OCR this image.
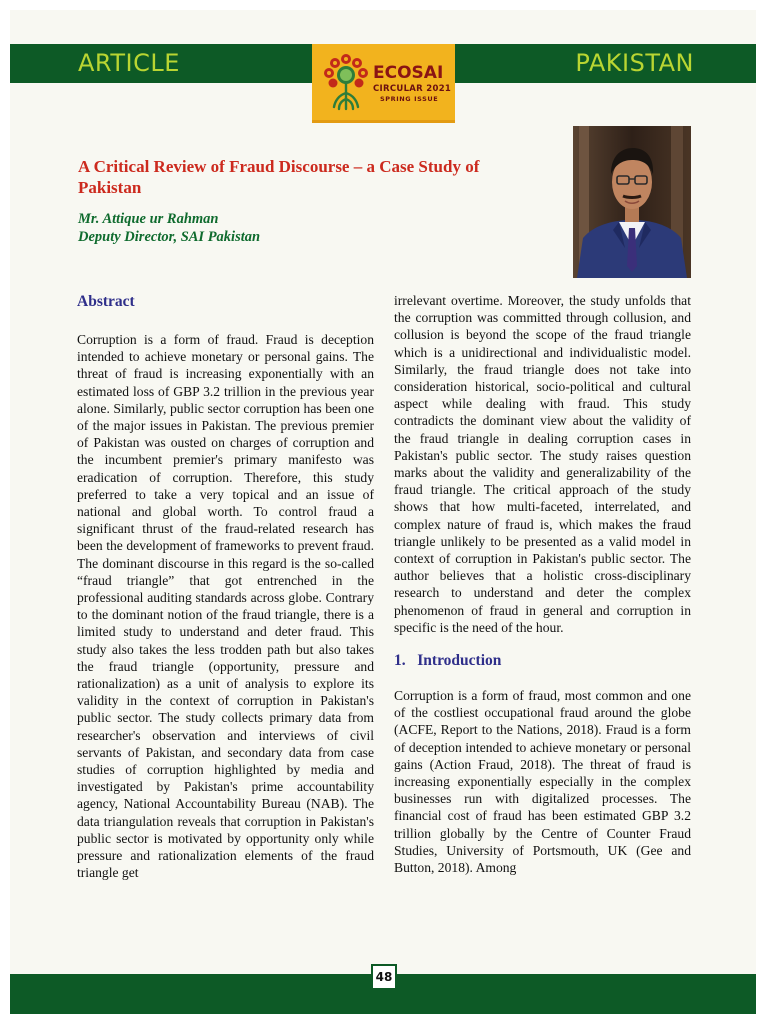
ARTICLE	PAKISTAN
ECOSAI
CIRCULAR 2021
SPRING ISSUE
A Critical Review of Fraud Discourse – a Case Study of Pakistan
Mr. Attique ur Rahman
Deputy Director, SAI Pakistan
Abstract

Corruption is a form of fraud. Fraud is deception intended to achieve monetary or personal gains. The threat of fraud is increasing exponentially with an estimated loss of GBP 3.2 trillion in the previous year alone. Similarly, public sector corruption has been one of the major issues in Pakistan. The previous premier of Pakistan was ousted on charges of corruption and the incumbent premier's primary manifesto was eradication of corruption. Therefore, this study preferred to take a very topical and an issue of national and global worth. To control fraud a significant thrust of the fraud-related research has been the development of frameworks to prevent fraud. The dominant discourse in this regard is the so-called “fraud triangle” that got entrenched in the professional auditing standards across globe. Contrary to the dominant notion of the fraud triangle, there is a limited study to understand and deter fraud. This study also takes the less trodden path but also takes the fraud triangle (opportunity, pressure and rationalization) as a unit of analysis to explore its validity in the context of corruption in Pakistan's public sector. The study collects primary data from researcher's observation and interviews of civil servants of Pakistan, and secondary data from case studies of corruption highlighted by media and investigated by Pakistan's prime accountability agency, National Accountability Bureau (NAB). The data triangulation reveals that corruption in Pakistan's public sector is motivated by opportunity only while pressure and rationalization elements of the fraud triangle get

irrelevant overtime. Moreover, the study unfolds that the corruption was committed through collusion, and collusion is beyond the scope of the fraud triangle which is a unidirectional and individualistic model. Similarly, the fraud triangle does not take into consideration historical, socio-political and cultural aspect while dealing with fraud. This study contradicts the dominant view about the validity of the fraud triangle in dealing corruption cases in Pakistan's public sector. The study raises question marks about the validity and generalizability of the fraud triangle. The critical approach of the study shows that how multi-faceted, interrelated, and complex nature of fraud is, which makes the fraud triangle unlikely to be presented as a valid model in context of corruption in Pakistan's public sector. The author believes that a holistic cross-disciplinary research to understand and deter the complex phenomenon of fraud in general and corruption in specific is the need of the hour.

1.   Introduction

Corruption is a form of fraud, most common and one of the costliest occupational fraud around the globe (ACFE, Report to the Nations, 2018). Fraud is a form of deception intended to achieve monetary or personal gains (Action Fraud, 2018). The threat of fraud is increasing exponentially especially in the complex businesses run with digitalized processes. The financial cost of fraud has been estimated GBP 3.2 trillion globally by the Centre of Counter Fraud Studies, University of Portsmouth, UK (Gee and Button, 2018). Among

48
